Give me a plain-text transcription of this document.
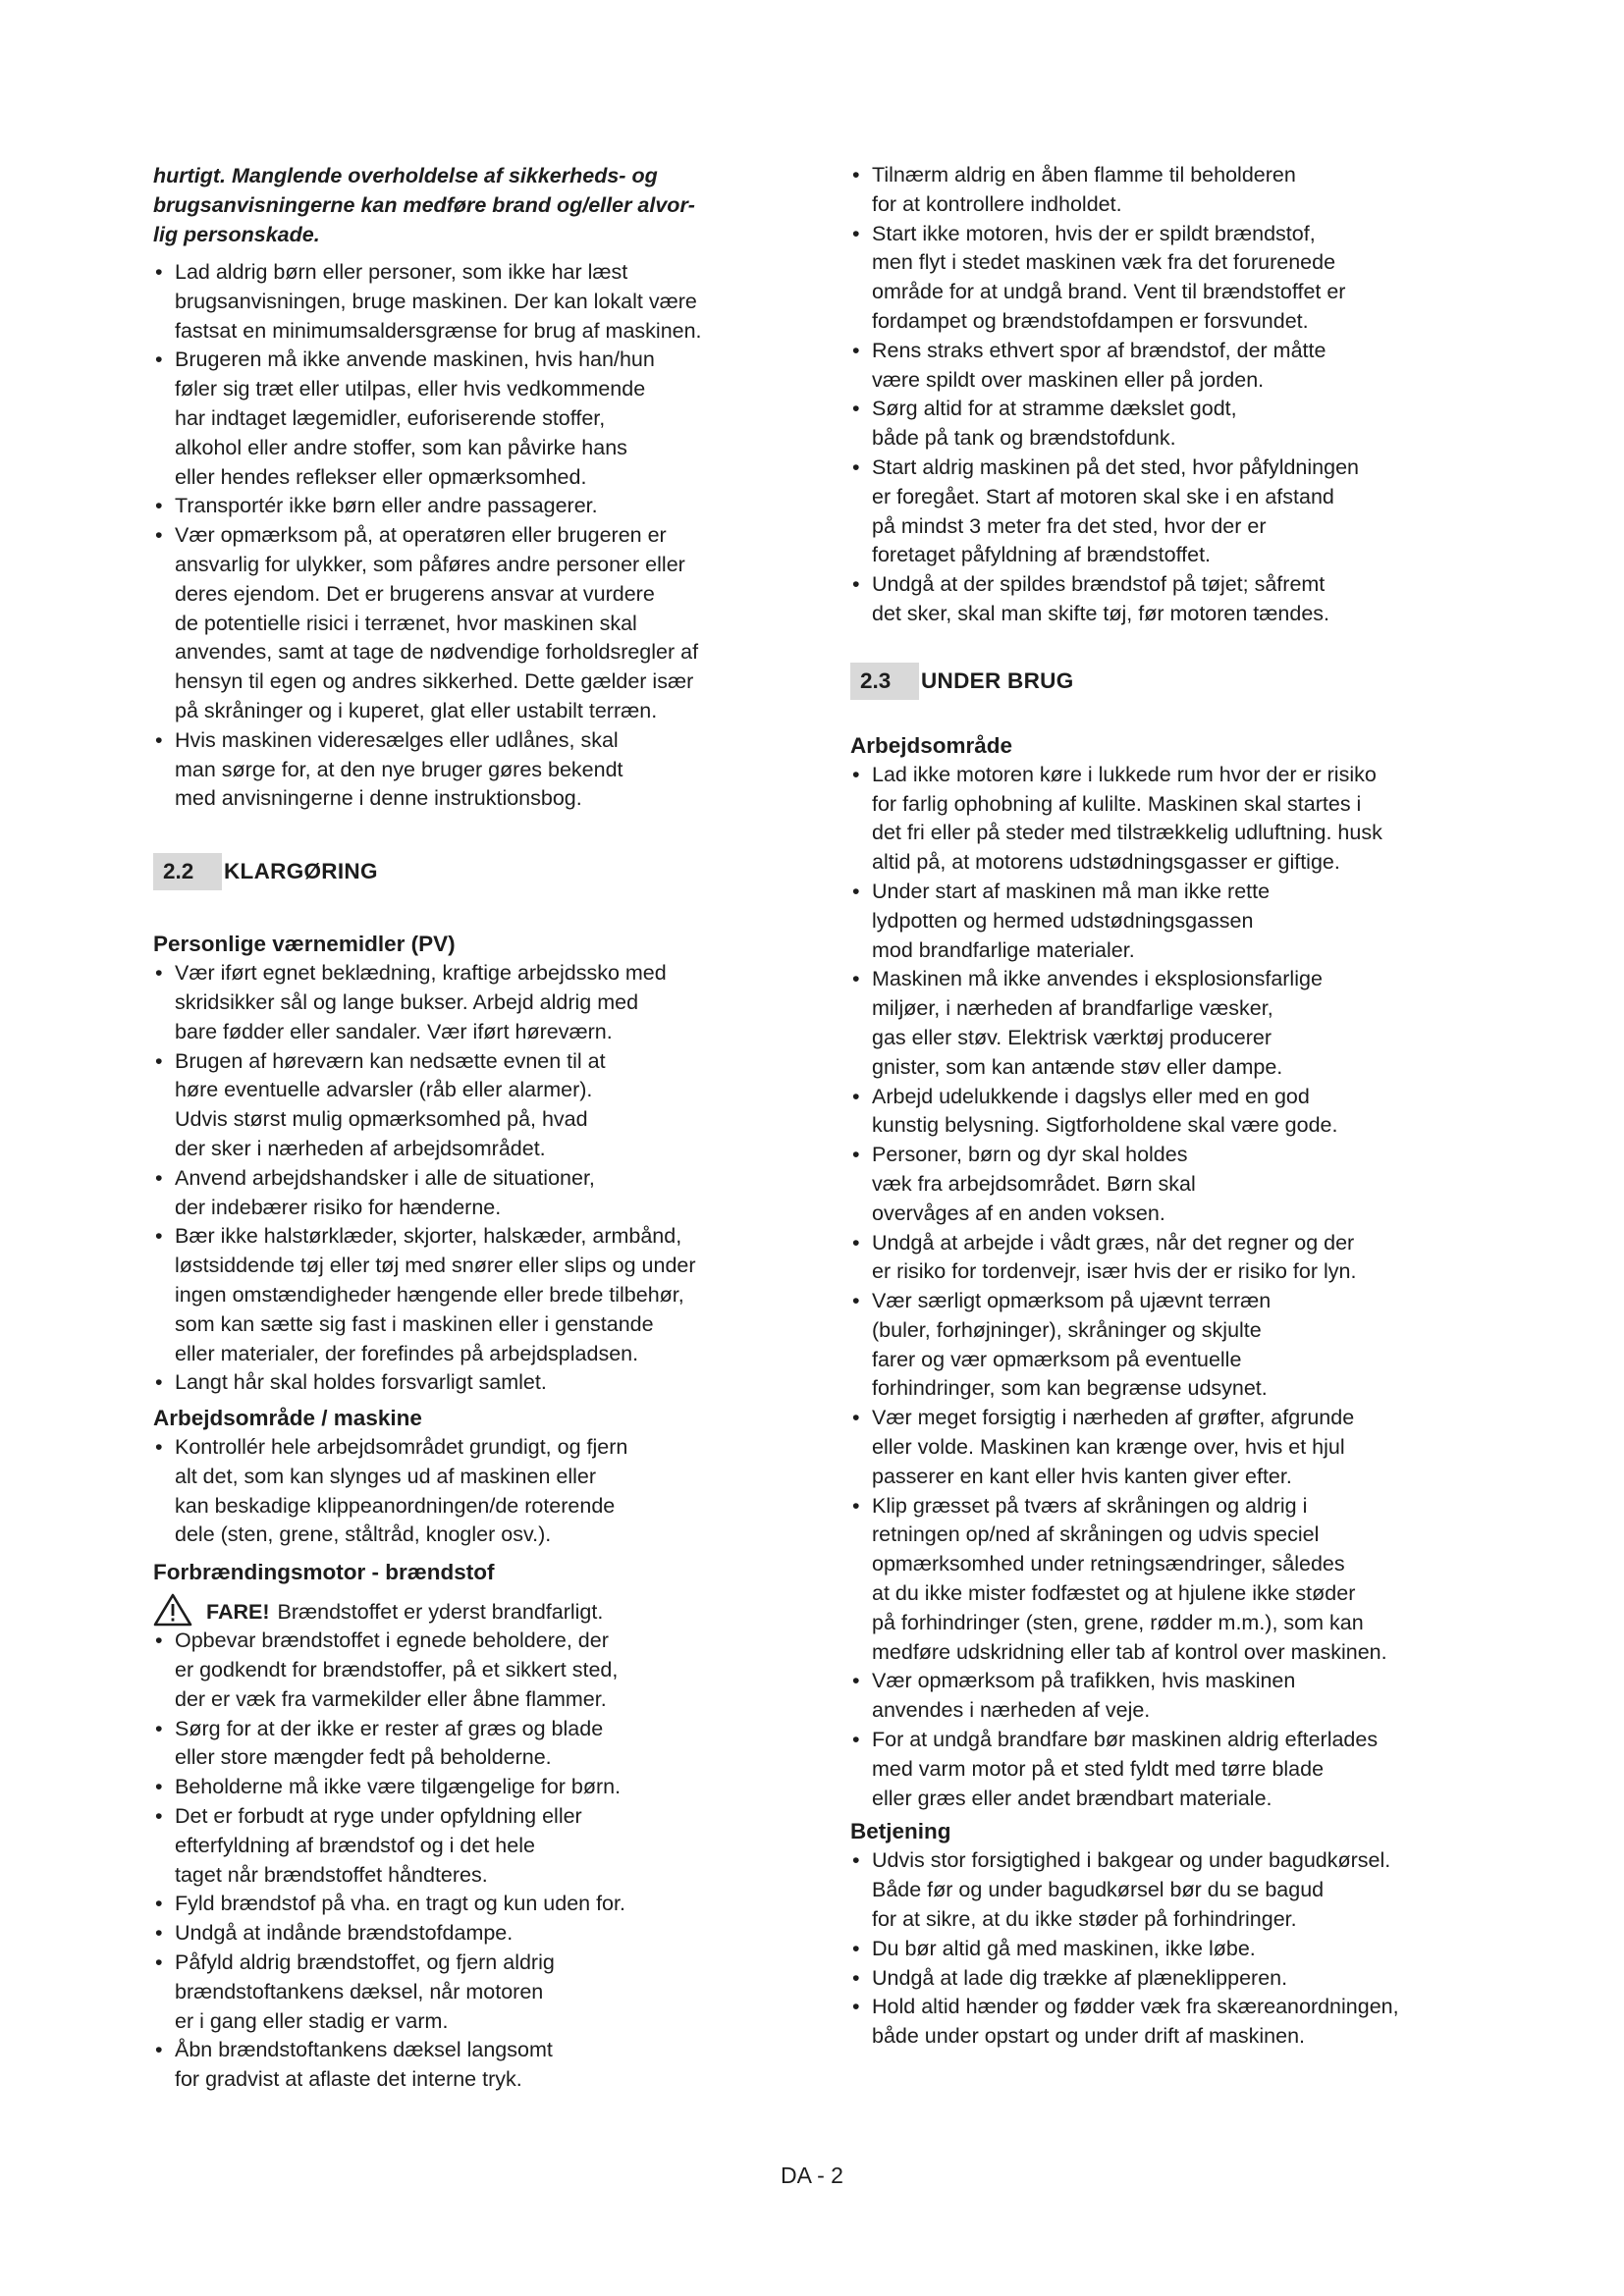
hurtigt. Manglende overholdelse af sikkerheds- og
brugsanvisningerne kan medføre brand og/eller alvor-
lig personskade.
• Lad aldrig børn eller personer, som ikke har læst
brugsanvisningen, bruge maskinen. Der kan lokalt være
fastsat en minimumsaldersgrænse for brug af maskinen.
• Brugeren må ikke anvende maskinen, hvis han/hun
føler sig træt eller utilpas, eller hvis vedkommende
har indtaget lægemidler, euforiserende stoffer,
alkohol eller andre stoffer, som kan påvirke hans
eller hendes reflekser eller opmærksomhed.
• Transportér ikke børn eller andre passagerer.
• Vær opmærksom på, at operatøren eller brugeren er
ansvarlig for ulykker, som påføres andre personer eller
deres ejendom. Det er brugerens ansvar at vurdere
de potentielle risici i terrænet, hvor maskinen skal
anvendes, samt at tage de nødvendige forholdsregler af
hensyn til egen og andres sikkerhed. Dette gælder især
på skråninger og i kuperet, glat eller ustabilt terræn.
• Hvis maskinen videresælges eller udlånes, skal
man sørge for, at den nye bruger gøres bekendt
med anvisningerne i denne instruktionsbog.
2.2	KLARGØRING
Personlige værnemidler (PV)
• Vær iført egnet beklædning, kraftige arbejdssko med
skridsikker sål og lange bukser. Arbejd aldrig med
bare fødder eller sandaler. Vær iført høreværn.
• Brugen af høreværn kan nedsætte evnen til at
høre eventuelle advarsler (råb eller alarmer).
Udvis størst mulig opmærksomhed på, hvad
der sker i nærheden af arbejdsområdet.
• Anvend arbejdshandsker i alle de situationer,
der indebærer risiko for hænderne.
• Bær ikke halstørklæder, skjorter, halskæder, armbånd,
løstsiddende tøj eller tøj med snører eller slips og under
ingen omstændigheder hængende eller brede tilbehør,
som kan sætte sig fast i maskinen eller i genstande
eller materialer, der forefindes på arbejdspladsen.
• Langt hår skal holdes forsvarligt samlet.
Arbejdsområde / maskine
• Kontrollér hele arbejdsområdet grundigt, og fjern
alt det, som kan slynges ud af maskinen eller
kan beskadige klippeanordningen/de roterende
dele (sten, grene, ståltråd, knogler osv.).
Forbrændingsmotor - brændstof
FARE! Brændstoffet er yderst brandfarligt.
• Opbevar brændstoffet i egnede beholdere, der
er godkendt for brændstoffer, på et sikkert sted,
der er væk fra varmekilder eller åbne flammer.
• Sørg for at der ikke er rester af græs og blade
eller store mængder fedt på beholderne.
• Beholderne må ikke være tilgængelige for børn.
• Det er forbudt at ryge under opfyldning eller
efterfyldning af brændstof og i det hele
taget når brændstoffet håndteres.
• Fyld brændstof på vha. en tragt og kun uden for.
• Undgå at indånde brændstofdampe.
• Påfyld aldrig brændstoffet, og fjern aldrig
brændstoftankens dæksel, når motoren
er i gang eller stadig er varm.
• Åbn brændstoftankens dæksel langsomt
for gradvist at aflaste det interne tryk.
• Tilnærm aldrig en åben flamme til beholderen
for at kontrollere indholdet.
• Start ikke motoren, hvis der er spildt brændstof,
men flyt i stedet maskinen væk fra det forurenede
område for at undgå brand. Vent til brændstoffet er
fordampet og brændstofdampen er forsvundet.
• Rens straks ethvert spor af brændstof, der måtte
være spildt over maskinen eller på jorden.
• Sørg altid for at stramme dækslet godt,
både på tank og brændstofdunk.
• Start aldrig maskinen på det sted, hvor påfyldningen
er foregået. Start af motoren skal ske i en afstand
på mindst 3 meter fra det sted, hvor der er
foretaget påfyldning af brændstoffet.
• Undgå at der spildes brændstof på tøjet; såfremt
det sker, skal man skifte tøj, før motoren tændes.
2.3	UNDER BRUG
Arbejdsområde
• Lad ikke motoren køre i lukkede rum hvor der er risiko
for farlig ophobning af kulilte. Maskinen skal startes i
det fri eller på steder med tilstrækkelig udluftning. husk
altid på, at motorens udstødningsgasser er giftige.
• Under start af maskinen må man ikke rette
lydpotten og hermed udstødningsgassen
mod brandfarlige materialer.
• Maskinen må ikke anvendes i eksplosionsfarlige
miljøer, i nærheden af brandfarlige væsker,
gas eller støv. Elektrisk værktøj producerer
gnister, som kan antænde støv eller dampe.
• Arbejd udelukkende i dagslys eller med en god
kunstig belysning. Sigtforholdene skal være gode.
• Personer, børn og dyr skal holdes
væk fra arbejdsområdet. Børn skal
overvåges af en anden voksen.
• Undgå at arbejde i vådt græs, når det regner og der
er risiko for tordenvejr, især hvis der er risiko for lyn.
• Vær særligt opmærksom på ujævnt terræn
(buler, forhøjninger), skråninger og skjulte
farer og vær opmærksom på eventuelle
forhindringer, som kan begrænse udsynet.
• Vær meget forsigtig i nærheden af grøfter, afgrunde
eller volde. Maskinen kan krænge over, hvis et hjul
passerer en kant eller hvis kanten giver efter.
• Klip græsset på tværs af skråningen og aldrig i
retningen op/ned af skråningen og udvis speciel
opmærksomhed under retningsændringer, således
at du ikke mister fodfæstet og at hjulene ikke støder
på forhindringer (sten, grene, rødder m.m.), som kan
medføre udskridning eller tab af kontrol over maskinen.
• Vær opmærksom på trafikken, hvis maskinen
anvendes i nærheden af veje.
• For at undgå brandfare bør maskinen aldrig efterlades
med varm motor på et sted fyldt med tørre blade
eller græs eller andet brændbart materiale.
Betjening
• Udvis stor forsigtighed i bakgear og under bagudkørsel.
Både før og under bagudkørsel bør du se bagud
for at sikre, at du ikke støder på forhindringer.
• Du bør altid gå med maskinen, ikke løbe.
• Undgå at lade dig trække af plæneklipperen.
• Hold altid hænder og fødder væk fra skæreanordningen,
både under opstart og under drift af maskinen.
DA - 2
